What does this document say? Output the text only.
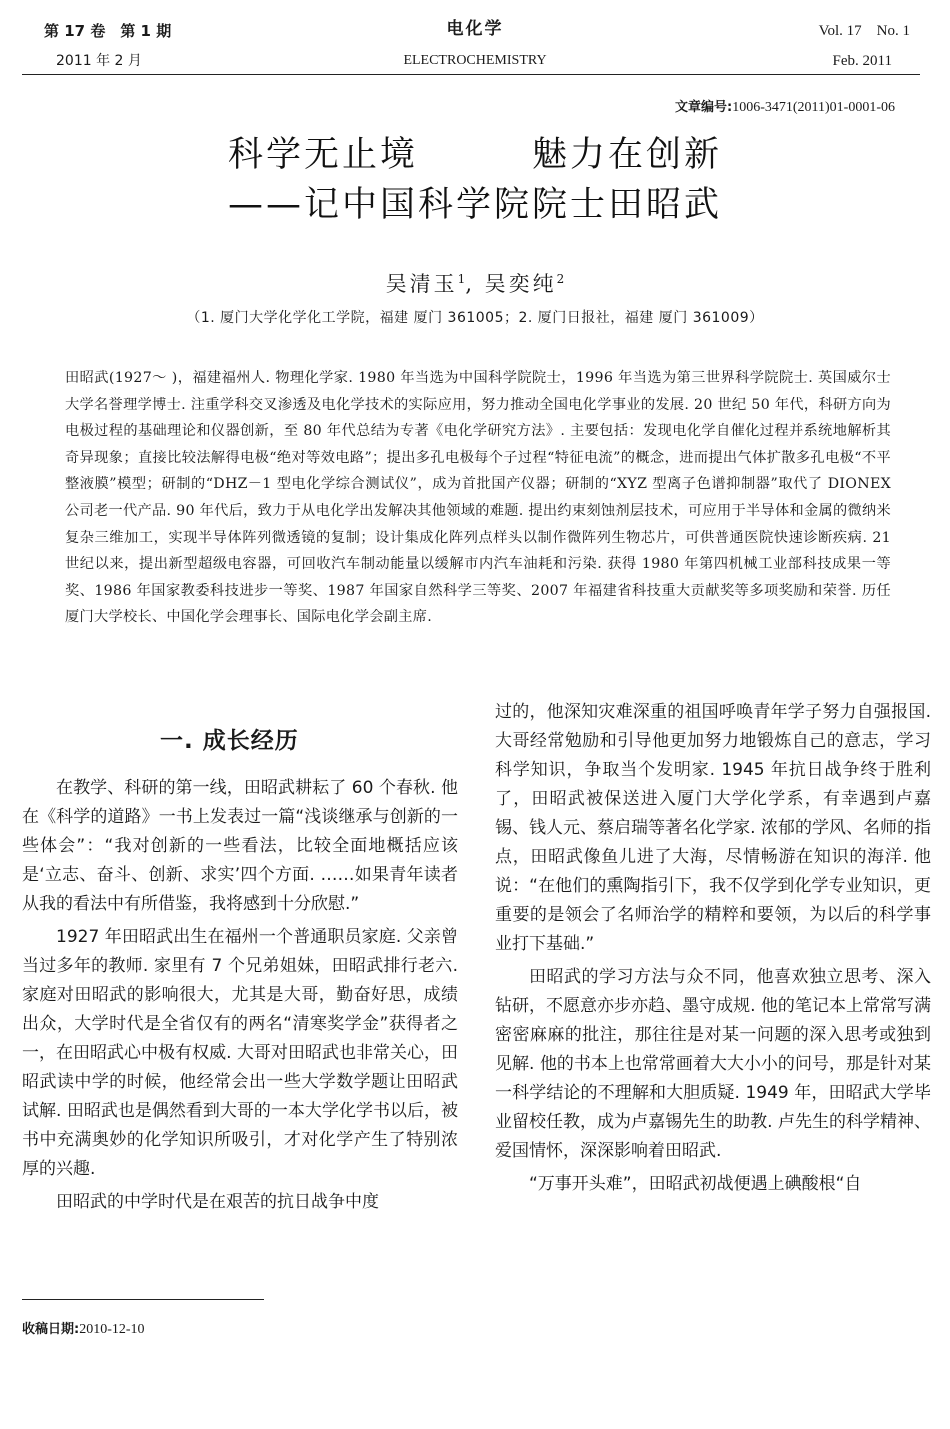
第 17 卷　第 1 期
2011 年 2 月
电化学
ELECTROCHEMISTRY
Vol. 17　No. 1
Feb. 2011
文章编号:1006-3471(2011)01-0001-06
科学无止境　　　魅力在创新
——记中国科学院院士田昭武
吴清玉$^1$, 吴奕纯$^2$
（1. 厦门大学化学化工学院，福建 厦门 361005；2. 厦门日报社，福建 厦门 361009）
田昭武(1927～ )，福建福州人. 物理化学家. 1980 年当选为中国科学院院士，1996 年当选为第三世界科学院院士. 英国威尔士大学名誉理学博士. 注重学科交叉渗透及电化学技术的实际应用，努力推动全国电化学事业的发展. 20 世纪 50 年代，科研方向为电极过程的基础理论和仪器创新，至 80 年代总结为专著《电化学研究方法》. 主要包括：发现电化学自催化过程并系统地解析其奇异现象；直接比较法解得电极“绝对等效电路”；提出多孔电极每个子过程“特征电流”的概念，进而提出气体扩散多孔电极“不平整液膜”模型；研制的“DHZ－1 型电化学综合测试仪”，成为首批国产仪器；研制的“XYZ 型离子色谱抑制器”取代了 DIONEX 公司老一代产品. 90 年代后，致力于从电化学出发解决其他领域的难题. 提出约束刻蚀剂层技术，可应用于半导体和金属的微纳米复杂三维加工，实现半导体阵列微透镜的复制；设计集成化阵列点样头以制作微阵列生物芯片，可供普通医院快速诊断疾病. 21 世纪以来，提出新型超级电容器，可回收汽车制动能量以缓解市内汽车油耗和污染. 获得 1980 年第四机械工业部科技成果一等奖、1986 年国家教委科技进步一等奖、1987 年国家自然科学三等奖、2007 年福建省科技重大贡献奖等多项奖励和荣誉. 历任厦门大学校长、中国化学会理事长、国际电化学会副主席.
一. 成长经历

在教学、科研的第一线，田昭武耕耘了 60 个春秋. 他在《科学的道路》一书上发表过一篇“浅谈继承与创新的一些体会”：“我对创新的一些看法，比较全面地概括应该是‘立志、奋斗、创新、求实’四个方面. ……如果青年读者从我的看法中有所借鉴，我将感到十分欣慰.”

1927 年田昭武出生在福州一个普通职员家庭. 父亲曾当过多年的教师. 家里有 7 个兄弟姐妹，田昭武排行老六. 家庭对田昭武的影响很大，尤其是大哥，勤奋好思，成绩出众，大学时代是全省仅有的两名“清寒奖学金”获得者之一，在田昭武心中极有权威. 大哥对田昭武也非常关心，田昭武读中学的时候，他经常会出一些大学数学题让田昭武试解. 田昭武也是偶然看到大哥的一本大学化学书以后，被书中充满奥妙的化学知识所吸引，才对化学产生了特别浓厚的兴趣.

田昭武的中学时代是在艰苦的抗日战争中度

过的，他深知灾难深重的祖国呼唤青年学子努力自强报国. 大哥经常勉励和引导他更加努力地锻炼自己的意志，学习科学知识，争取当个发明家. 1945 年抗日战争终于胜利了，田昭武被保送进入厦门大学化学系，有幸遇到卢嘉锡、钱人元、蔡启瑞等著名化学家. 浓郁的学风、名师的指点，田昭武像鱼儿进了大海，尽情畅游在知识的海洋. 他说：“在他们的熏陶指引下，我不仅学到化学专业知识，更重要的是领会了名师治学的精粹和要领，为以后的科学事业打下基础.”

田昭武的学习方法与众不同，他喜欢独立思考、深入钻研，不愿意亦步亦趋、墨守成规. 他的笔记本上常常写满密密麻麻的批注，那往往是对某一问题的深入思考或独到见解. 他的书本上也常常画着大大小小的问号，那是针对某一科学结论的不理解和大胆质疑. 1949 年，田昭武大学毕业留校任教，成为卢嘉锡先生的助教. 卢先生的科学精神、爱国情怀，深深影响着田昭武.

“万事开头难”，田昭武初战便遇上碘酸根“自

收稿日期:2010-12-10
